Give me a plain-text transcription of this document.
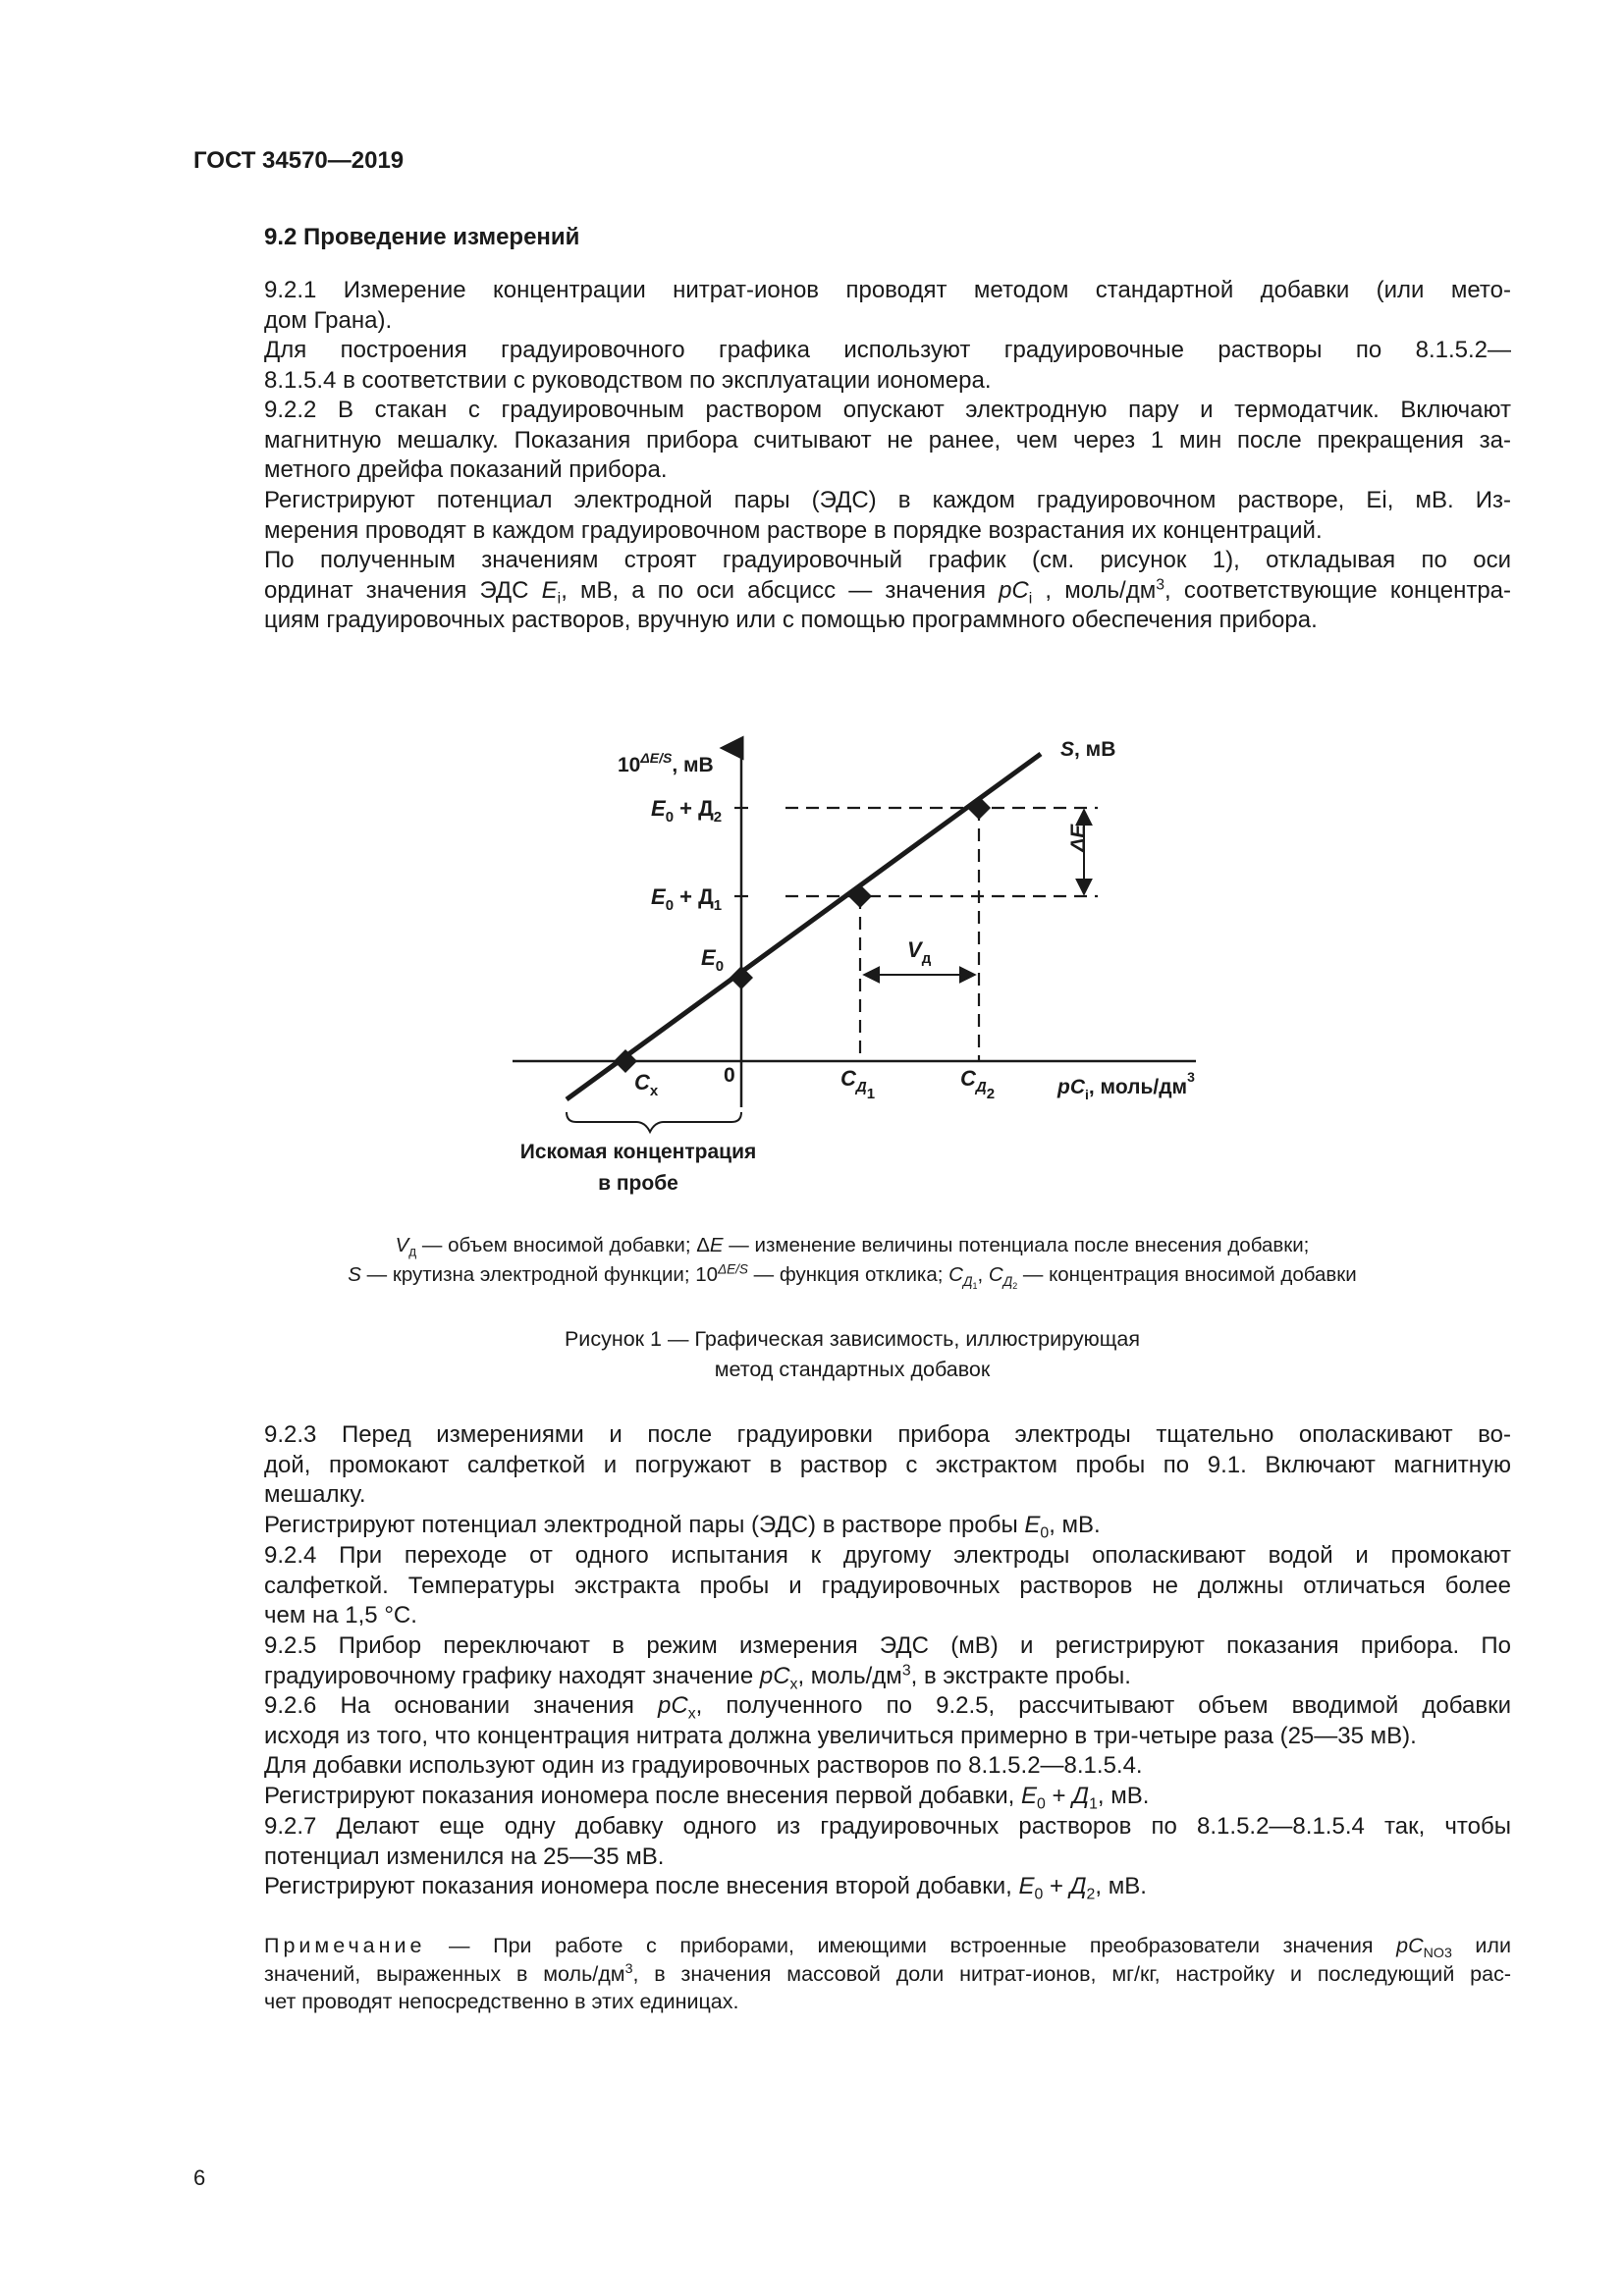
ГОСТ 34570—2019

9.2 Проведение измерений

9.2.1 Измерение концентрации нитрат-ионов проводят методом стандартной добавки (или мето-
дом Грана).

Для построения градуировочного графика используют градуировочные растворы по 8.1.5.2—
8.1.5.4 в соответствии с руководством по эксплуатации иономера.

9.2.2 В стакан с градуировочным раствором опускают электродную пару и термодатчик. Включают
магнитную мешалку. Показания прибора считывают не ранее, чем через 1 мин после прекращения за-
метного дрейфа показаний прибора.

Регистрируют потенциал электродной пары (ЭДС) в каждом градуировочном растворе, Ei, мВ. Из-
мерения проводят в каждом градуировочном растворе в порядке возрастания их концентраций.

По полученным значениям строят градуировочный график (см. рисунок 1), откладывая по оси
ординат значения ЭДС $E_i$, мВ, а по оси абсцисс — значения $pC_i$ , моль/$дм^3$, соответствующие концентра-
циям градуировочных растворов, вручную или с помощью программного обеспечения прибора.

$10^{\Delta E/S}$, мВ
S, мВ
$E_0 + Д_2$
$E_0 + Д_1$
$E_0$
ΔE
$V_д$
$C_x$
0	$C_{Д1}$
$C_{Д2}$	$pC_i$, моль/$дм^3$
Искомая концентрация
в пробе

$V_д$ — объем вносимой добавки; ΔE — изменение величины потенциала после внесения добавки;
S — крутизна электродной функции; $10^{\Delta E/S}$ — функция отклика; $C_{Д_1}$, $C_{Д_2}$ — концентрация вносимой добавки

Рисунок 1 — Графическая зависимость, иллюстрирующая
метод стандартных добавок

9.2.3 Перед измерениями и после градуировки прибора электроды тщательно ополаскивают во-
дой, промокают салфеткой и погружают в раствор с экстрактом пробы по 9.1. Включают магнитную
мешалку.

Регистрируют потенциал электродной пары (ЭДС) в растворе пробы $E_0$, мВ.

9.2.4 При переходе от одного испытания к другому электроды ополаскивают водой и промокают
салфеткой. Температуры экстракта пробы и градуировочных растворов не должны отличаться более
чем на 1,5 °С.

9.2.5 Прибор переключают в режим измерения ЭДС (мВ) и регистрируют показания прибора. По
градуировочному графику находят значение $pC_x$, моль/$дм^3$, в экстракте пробы.

9.2.6 На основании значения $pC_x$, полученного по 9.2.5, рассчитывают объем вводимой добавки
исходя из того, что концентрация нитрата должна увеличиться примерно в три-четыре раза (25—35 мВ).

Для добавки используют один из градуировочных растворов по 8.1.5.2—8.1.5.4.

Регистрируют показания иономера после внесения первой добавки, $E_0 + Д_1$, мВ.

9.2.7 Делают еще одну добавку одного из градуировочных растворов по 8.1.5.2—8.1.5.4 так, чтобы
потенциал изменился на 25—35 мВ.

Регистрируют показания иономера после внесения второй добавки, $E_0 + Д_2$, мВ.

Примечание — При работе с приборами, имеющими встроенные преобразователи значения $pC_{NO3}$ или
значений, выраженных в моль/$дм^3$, в значения массовой доли нитрат-ионов, мг/кг, настройку и последующий рас-
чет проводят непосредственно в этих единицах.

6
